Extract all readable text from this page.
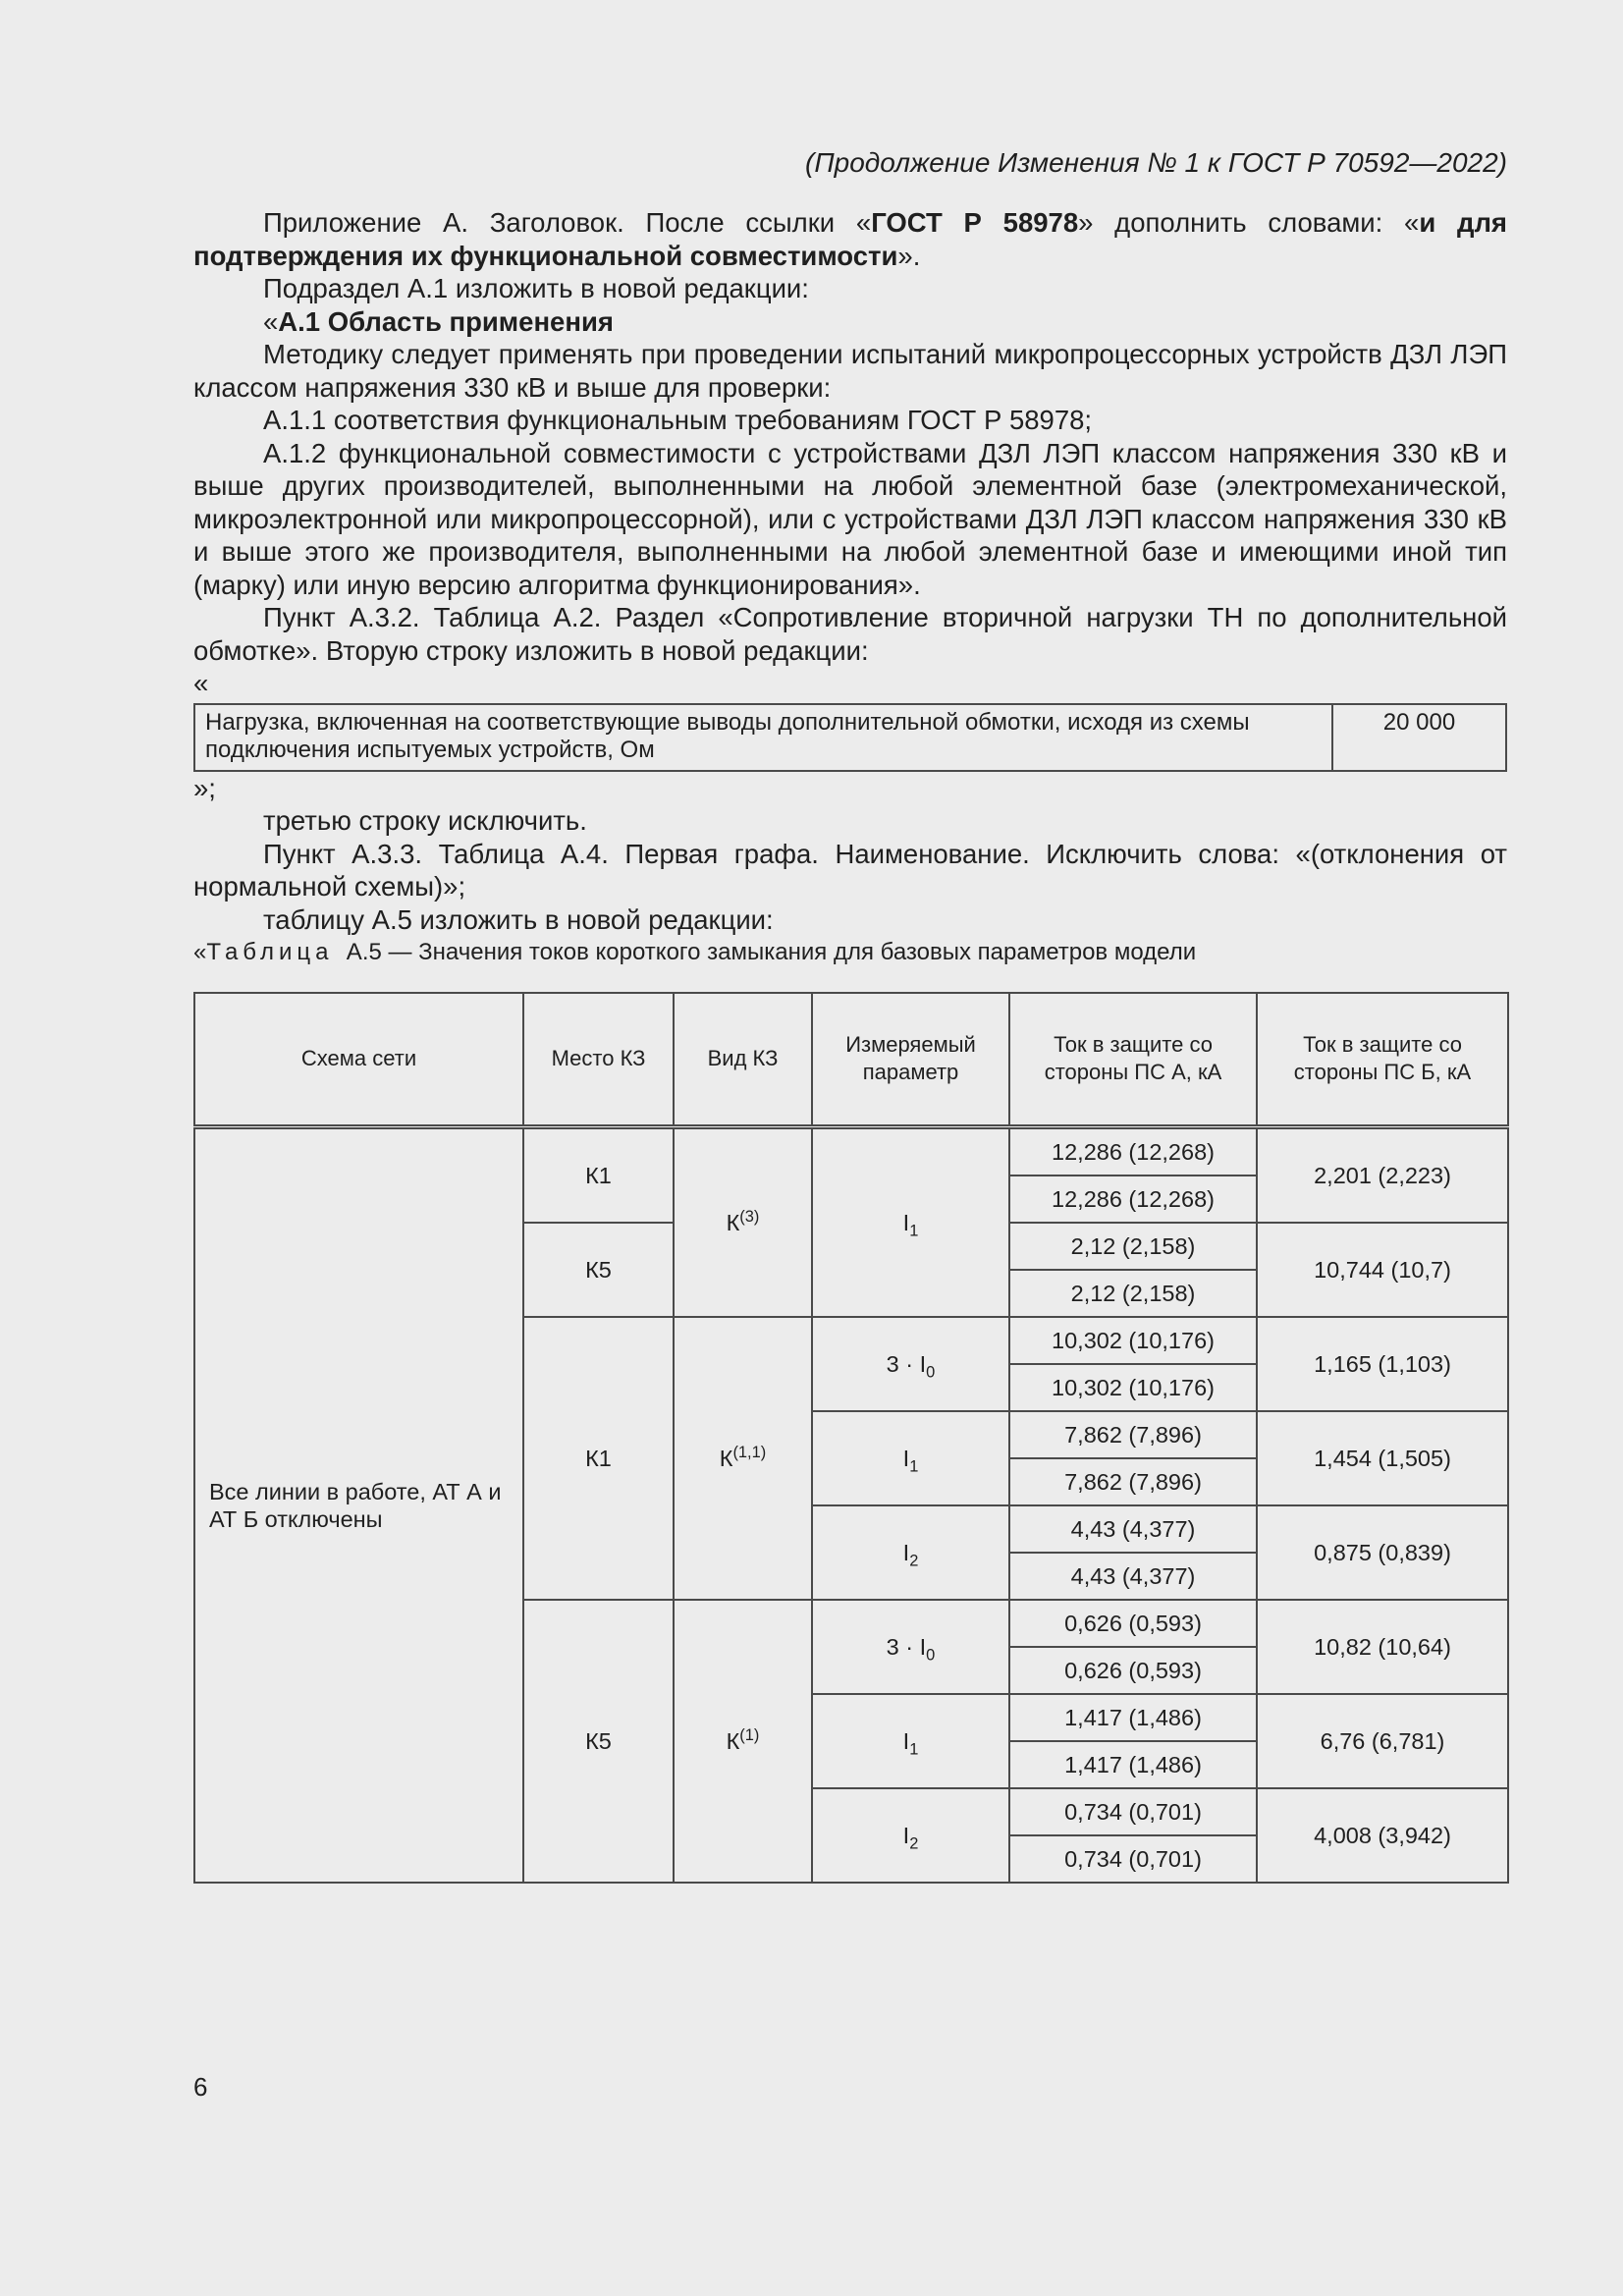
(Продолжение Изменения № 1 к ГОСТ Р 70592—2022)

Приложение А. Заголовок. После ссылки «ГОСТ Р 58978» дополнить словами: «и для подтверждения их функциональной совместимости».

Подраздел А.1 изложить в новой редакции:

«А.1 Область применения

Методику следует применять при проведении испытаний микропроцессорных устройств ДЗЛ ЛЭП классом напряжения 330 кВ и выше для проверки:

А.1.1 соответствия функциональным требованиям ГОСТ Р 58978;

А.1.2 функциональной совместимости с устройствами ДЗЛ ЛЭП классом напряжения 330 кВ и выше других производителей, выполненными на любой элементной базе (электромеханической, микроэлектронной или микропроцессорной), или с устройствами ДЗЛ ЛЭП классом напряжения 330 кВ и выше этого же производителя, выполненными на любой элементной базе и имеющими иной тип (марку) или иную версию алгоритма функционирования».

Пункт А.3.2. Таблица А.2. Раздел «Сопротивление вторичной нагрузки ТН по дополнительной обмотке». Вторую строку изложить в новой редакции:

«

Нагрузка, включенная на соответствующие выводы дополнительной обмотки, исходя из схемы подключения испытуемых устройств, Ом	20 000

»;

третью строку исключить.

Пункт А.3.3. Таблица А.4. Первая графа. Наименование. Исключить слова: «(отклонения от нормальной схемы)»;

таблицу А.5 изложить в новой редакции:

«Таблица  А.5 — Значения токов короткого замыкания для базовых параметров модели

Схема сети	Место КЗ	Вид КЗ	Измеряемый параметр	Ток в защите со стороны ПС А, кА	Ток в защите со стороны ПС Б, кА
Все линии в работе, АТ А и АТ Б отключены	К1	$К^{(3)}$	$I_1$	12,286 (12,268)	2,201 (2,223)
				12,286 (12,268)	
	К5			2,12 (2,158)	10,744 (10,7)
				2,12 (2,158)	
	К1	К$^{(1,1)}$	$3 \cdot I_0$	10,302 (10,176)	1,165 (1,103)
				10,302 (10,176)	
			$I_1$	7,862 (7,896)	1,454 (1,505)
				7,862 (7,896)	
			$I_2$	4,43 (4,377)	0,875 (0,839)
				4,43 (4,377)	
	К5	$К^{(1)}$	$3 \cdot I_0$	0,626 (0,593)	10,82 (10,64)
				0,626 (0,593)	
			$I_1$	1,417 (1,486)	6,76 (6,781)
				1,417 (1,486)	
			$I_2$	0,734 (0,701)	4,008 (3,942)
				0,734 (0,701)	
6
